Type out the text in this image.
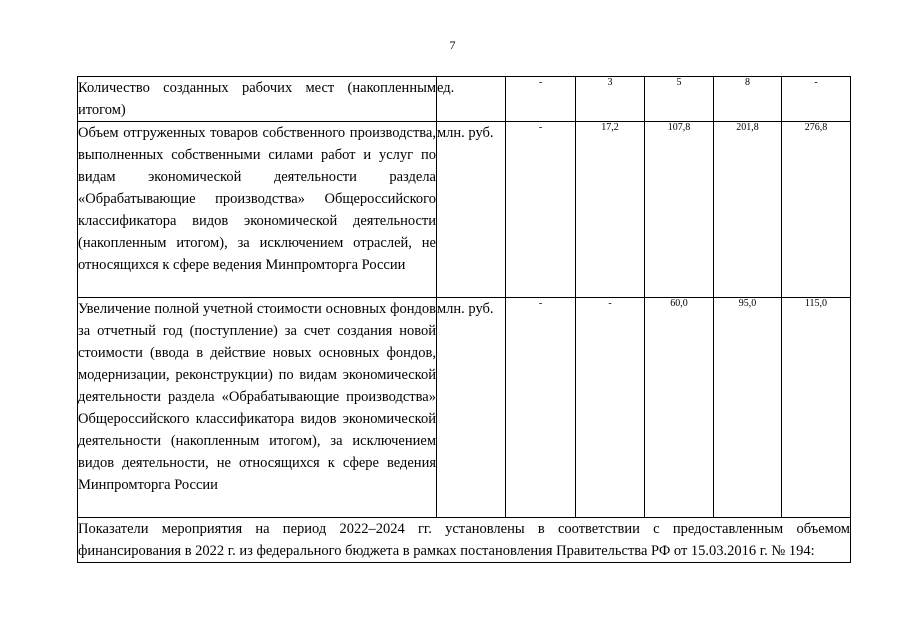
7
Количество созданных рабочих мест (накопленным итогом)	ед.	-	3	5	8	-
Объем отгруженных товаров собственного производства, выполненных собственными силами работ и услуг по видам экономической деятельности раздела «Обрабатывающие производства» Общероссийского классификатора видов экономической деятельности (накопленным итогом), за исключением отраслей, не относящихся к сфере ведения Минпромторга России	млн. руб.	-	17,2	107,8	201,8	276,8
Увеличение полной учетной стоимости основных фондов за отчетный год (поступление) за счет создания новой стоимости (ввода в действие новых основных фондов, модернизации, реконструкции) по видам экономической деятельности раздела «Обрабатывающие производства» Общероссийского классификатора видов экономической деятельности (накопленным итогом), за исключением видов деятельности, не относящихся к сфере ведения Минпромторга России	млн. руб.	-	-	60,0	95,0	115,0
Показатели мероприятия на период 2022–2024 гг. установлены в соответствии с предоставленным объемом финансирования в 2022 г. из федерального бюджета в рамках постановления Правительства РФ от 15.03.2016 г. № 194:						
